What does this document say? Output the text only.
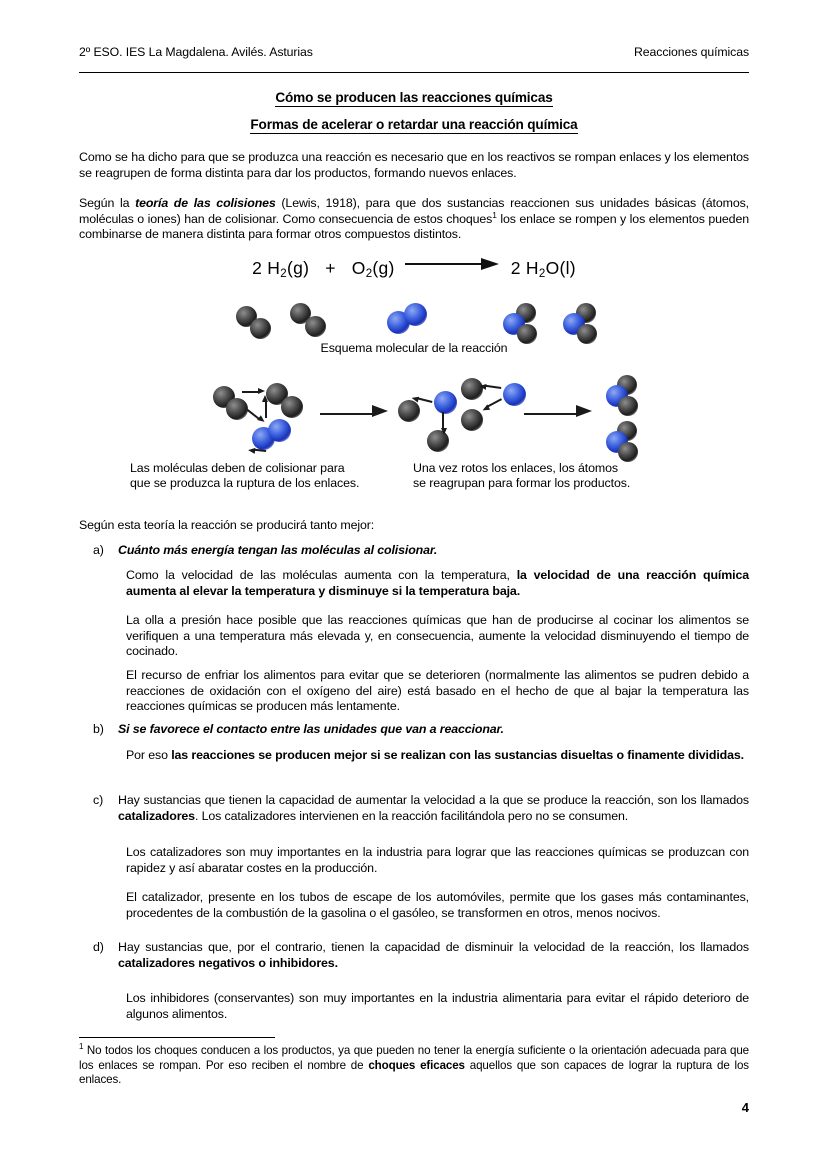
2º ESO. IES La Magdalena. Avilés. Asturias	Reacciones químicas
Cómo se producen las reacciones químicas
Formas de acelerar o retardar una reacción química
Como se ha dicho para que se produzca una reacción es necesario que en los reactivos se rompan enlaces y los elementos se reagrupen de forma distinta para dar los productos, formando nuevos enlaces.
Según la teoría de las colisiones (Lewis, 1918), para que dos sustancias reaccionen sus unidades básicas (átomos, moléculas o iones) han de colisionar. Como consecuencia de estos choques$^1$ los enlace se rompen y los elementos pueden combinarse de manera distinta para formar otros compuestos distintos.
2 $H_2(g) + O_2(g)$	2 $H_2O(l)$
Esquema molecular de la reacción
Las moléculas deben de colisionar para
que se produzca la ruptura de los enlaces.
Una vez rotos los enlaces, los átomos
se reagrupan para formar los productos.
Según esta teoría la reacción se producirá tanto mejor:
a)	Cuánto más energía tengan las moléculas al colisionar.
Como la velocidad de las moléculas aumenta con la temperatura, la velocidad de una reacción química aumenta al elevar la temperatura y disminuye si la temperatura baja.
La olla a presión hace posible que las reacciones químicas que han de producirse al cocinar los alimentos se verifiquen a una temperatura más elevada y, en consecuencia, aumente la velocidad disminuyendo el tiempo de cocinado.
El recurso de enfriar los alimentos para evitar que se deterioren (normalmente las alimentos se pudren debido a reacciones de oxidación con el oxígeno del aire) está basado en el hecho de que al bajar la temperatura las reacciones químicas se producen más lentamente.
b)	Si se favorece el contacto entre las unidades que van a reaccionar.
Por eso las reacciones se producen mejor si se realizan con las sustancias disueltas o finamente divididas.
c)	Hay sustancias que tienen la capacidad de aumentar la velocidad a la que se produce la reacción, son los llamados catalizadores. Los catalizadores intervienen en la reacción facilitándola pero no se consumen.
Los catalizadores son muy importantes en la industria para lograr que las reacciones químicas se produzcan con rapidez y así abaratar costes en la producción.
El catalizador, presente en los tubos de escape de los automóviles, permite que los gases más contaminantes, procedentes de la combustión de la gasolina o el gasóleo, se transformen en otros, menos nocivos.
d)	Hay sustancias que, por el contrario, tienen la capacidad de disminuir la velocidad de la reacción, los llamados catalizadores negativos o inhibidores.
Los inhibidores (conservantes) son muy importantes en la industria alimentaria para evitar el rápido deterioro de algunos alimentos.
$^1$ No todos los choques conducen a los productos, ya que pueden no tener la energía suficiente o la orientación adecuada para que los enlaces se rompan. Por eso reciben el nombre de choques eficaces aquellos que son capaces de lograr la ruptura de los enlaces.
4
